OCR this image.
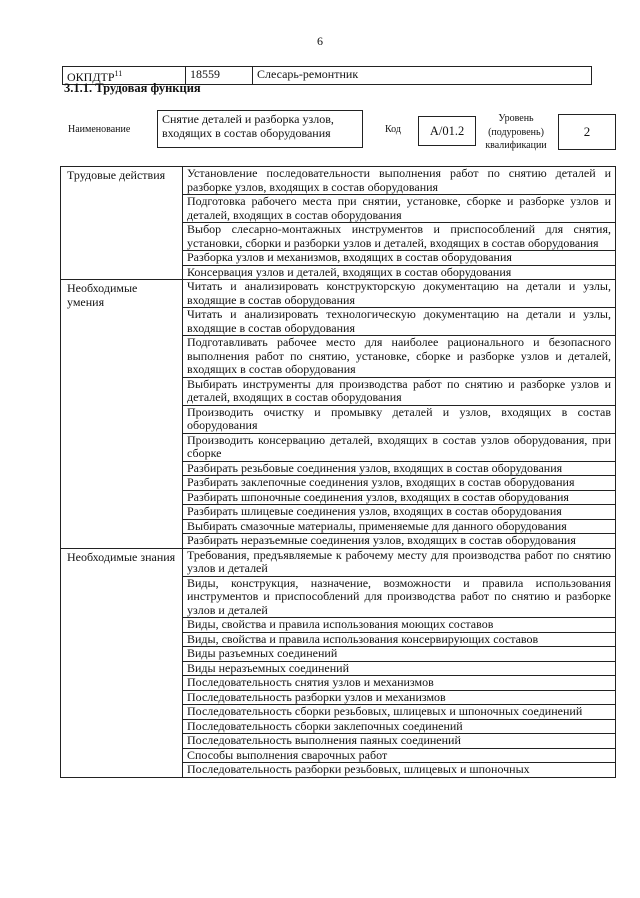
6
ОКПДТР$^{11}$	18559	Слесарь-ремонтник
3.1.1. Трудовая функция
Наименование
Снятие деталей и разборка узлов, входящих в состав оборудования	Код	А/01.2
Уровень (подуровень) квалификации
2
Трудовые действия	Установление последовательности выполнения работ по снятию деталей и разборке узлов, входящих в состав оборудования
	Подготовка рабочего места при снятии, установке, сборке и разборке узлов и деталей, входящих в состав оборудования
	Выбор слесарно-монтажных инструментов и приспособлений для снятия, установки, сборки и разборки узлов и деталей, входящих в состав оборудования
	Разборка узлов и механизмов, входящих в состав оборудования
	Консервация узлов и деталей, входящих в состав оборудования
Необходимые умения	Читать и анализировать конструкторскую документацию на детали и узлы, входящие в состав оборудования
	Читать и анализировать технологическую документацию на детали и узлы, входящие в состав оборудования
	Подготавливать рабочее место для наиболее рационального и безопасного выполнения работ по снятию, установке, сборке и разборке узлов и деталей, входящих в состав оборудования
	Выбирать инструменты для производства работ по снятию и разборке узлов и деталей, входящих в состав оборудования
	Производить очистку и промывку деталей и узлов, входящих в состав оборудования
	Производить консервацию деталей, входящих в состав узлов оборудования, при сборке
	Разбирать резьбовые соединения узлов, входящих в состав оборудования
	Разбирать заклепочные соединения узлов, входящих в состав оборудования
	Разбирать шпоночные соединения узлов, входящих в состав оборудования
	Разбирать шлицевые соединения узлов, входящих в состав оборудования
	Выбирать смазочные материалы, применяемые для данного оборудования
	Разбирать неразъемные соединения узлов, входящих в состав оборудования
Необходимые знания	Требования, предъявляемые к рабочему месту для производства работ по снятию узлов и деталей
	Виды, конструкция, назначение, возможности и правила использования инструментов и приспособлений для производства работ по снятию и разборке узлов и деталей
	Виды, свойства и правила использования моющих составов
	Виды, свойства и правила использования консервирующих составов
	Виды разъемных соединений
	Виды неразъемных соединений
	Последовательность снятия узлов и механизмов
	Последовательность разборки узлов и механизмов
	Последовательность сборки резьбовых, шлицевых и шпоночных соединений
	Последовательность сборки заклепочных соединений
	Последовательность выполнения паяных соединений
	Способы выполнения сварочных работ
	Последовательность разборки резьбовых, шлицевых и шпоночных
